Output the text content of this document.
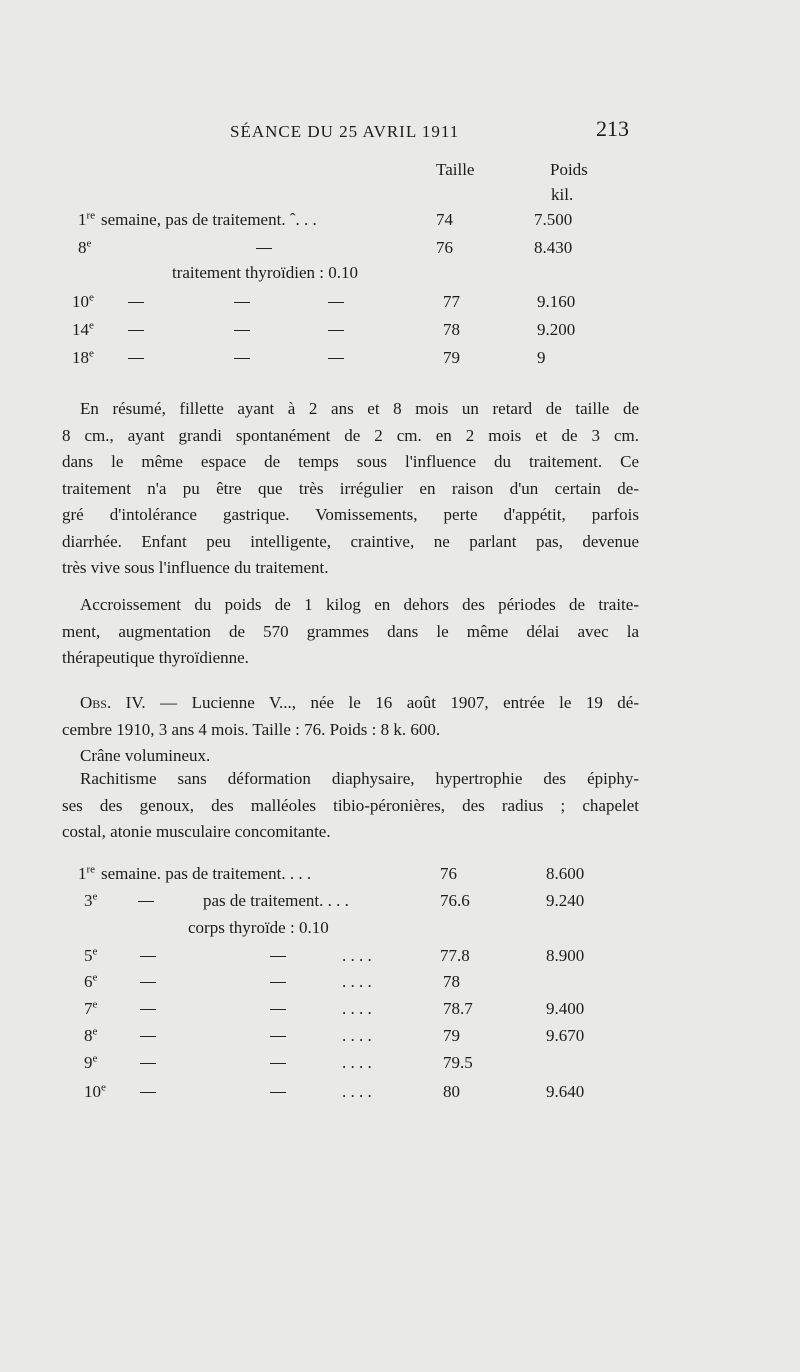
SÉANCE DU 25 AVRIL 1911	213
Taille	Poids
kil.
1re semaine, pas de traitement. ˆ. . .	74	7.500
8e	76	8.430
traitement thyroïdien : 0.10
10e	77	9.160
14e	78	9.200
18e	79	9
En résumé, fillette ayant à 2 ans et 8 mois un retard de taille de
8 cm., ayant grandi spontanément de 2 cm. en 2 mois et de 3 cm.
dans le même espace de temps sous l'influence du traitement. Ce
traitement n'a pu être que très irrégulier en raison d'un certain de-
gré d'intolérance gastrique. Vomissements, perte d'appétit, parfois
diarrhée. Enfant peu intelligente, craintive, ne parlant pas, devenue
très vive sous l'influence du traitement.
Accroissement du poids de 1 kilog en dehors des périodes de traite-
ment, augmentation de 570 grammes dans le même délai avec la
thérapeutique thyroïdienne.
Obs. IV. — Lucienne V..., née le 16 août 1907, entrée le 19 dé-
cembre 1910, 3 ans 4 mois. Taille : 76. Poids : 8 k. 600.
Crâne volumineux.
Rachitisme sans déformation diaphysaire, hypertrophie des épiphy-
ses des genoux, des malléoles tibio-péronières, des radius ; chapelet
costal, atonie musculaire concomitante.
1re semaine. pas de traitement. . . .	76	8.600
3e	pas de traitement. . . .	76.6	9.240
corps thyroïde : 0.10
5e	. . . .	77.8	8.900
6e	. . . .	78
7e	. . . .	78.7	9.400
8e	. . . .	79	9.670
9e	. . . .	79.5
10e	. . . .	80	9.640
